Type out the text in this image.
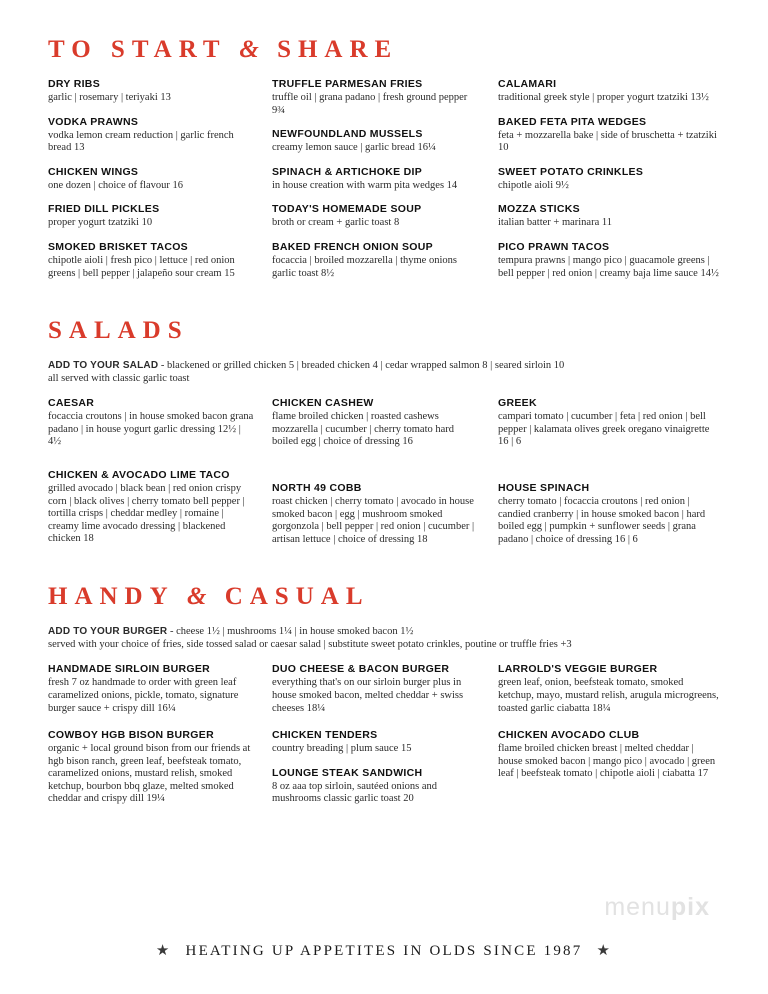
TO START & SHARE
DRY RIBS
garlic | rosemary | teriyaki 13
VODKA PRAWNS
vodka lemon cream reduction | garlic french bread 13
CHICKEN WINGS
one dozen | choice of flavour 16
FRIED DILL PICKLES
proper yogurt tzatziki 10
SMOKED BRISKET TACOS
chipotle aioli | fresh pico | lettuce | red onion greens | bell pepper | jalapeño sour cream 15
TRUFFLE PARMESAN FRIES
truffle oil | grana padano | fresh ground pepper 9¾
NEWFOUNDLAND MUSSELS
creamy lemon sauce | garlic bread 16¼
SPINACH & ARTICHOKE DIP
in house creation with warm pita wedges 14
TODAY'S HOMEMADE SOUP
broth or cream + garlic toast 8
BAKED FRENCH ONION SOUP
focaccia | broiled mozzarella | thyme onions garlic toast 8½
CALAMARI
traditional greek style | proper yogurt tzatziki 13½
BAKED FETA PITA WEDGES
feta + mozzarella bake | side of bruschetta + tzatziki 10
SWEET POTATO CRINKLES
chipotle aioli 9½
MOZZA STICKS
italian batter + marinara 11
PICO PRAWN TACOS
tempura prawns | mango pico | guacamole greens | bell pepper | red onion | creamy baja lime sauce 14½
SALADS
ADD TO YOUR SALAD - blackened or grilled chicken 5 | breaded chicken 4 | cedar wrapped salmon 8 | seared sirloin 10
all served with classic garlic toast
CAESAR
focaccia croutons | in house smoked bacon grana padano | in house yogurt garlic dressing 12½ | 4½
CHICKEN & AVOCADO LIME TACO
grilled avocado | black bean | red onion crispy corn | black olives | cherry tomato bell pepper | tortilla crisps | cheddar medley | romaine | creamy lime avocado dressing | blackened chicken 18
CHICKEN CASHEW
flame broiled chicken | roasted cashews mozzarella | cucumber | cherry tomato hard boiled egg | choice of dressing 16
NORTH 49 COBB
roast chicken | cherry tomato | avocado in house smoked bacon | egg | mushroom smoked gorgonzola | bell pepper | red onion | cucumber | artisan lettuce | choice of dressing 18
GREEK
campari tomato | cucumber | feta | red onion | bell pepper | kalamata olives greek oregano vinaigrette 16 | 6
HOUSE SPINACH
cherry tomato | focaccia croutons | red onion | candied cranberry | in house smoked bacon | hard boiled egg | pumpkin + sunflower seeds | grana padano | choice of dressing 16 | 6
HANDY & CASUAL
ADD TO YOUR BURGER - cheese 1½ | mushrooms 1¼ | in house smoked bacon 1½
served with your choice of fries, side tossed salad or caesar salad | substitute sweet potato crinkles, poutine or truffle fries +3
HANDMADE SIRLOIN BURGER
fresh 7 oz handmade to order with green leaf caramelized onions, pickle, tomato, signature burger sauce + crispy dill 16¼
COWBOY HGB BISON BURGER
organic + local ground bison from our friends at hgb bison ranch, green leaf, beefsteak tomato, caramelized onions, mustard relish, smoked ketchup, bourbon bbq glaze, melted smoked cheddar and crispy dill 19¼
DUO CHEESE & BACON BURGER
everything that's on our sirloin burger plus in house smoked bacon, melted cheddar + swiss cheeses 18¼
CHICKEN TENDERS
country breading | plum sauce 15
LOUNGE STEAK SANDWICH
8 oz aaa top sirloin, sautéed onions and mushrooms classic garlic toast 20
LARROLD'S VEGGIE BURGER
green leaf, onion, beefsteak tomato, smoked ketchup, mayo, mustard relish, arugula microgreens, toasted garlic ciabatta 18¼
CHICKEN AVOCADO CLUB
flame broiled chicken breast | melted cheddar | house smoked bacon | mango pico | avocado | green leaf | beefsteak tomato | chipotle aioli | ciabatta 17
menupix
★ HEATING UP APPETITES IN OLDS SINCE 1987 ★
